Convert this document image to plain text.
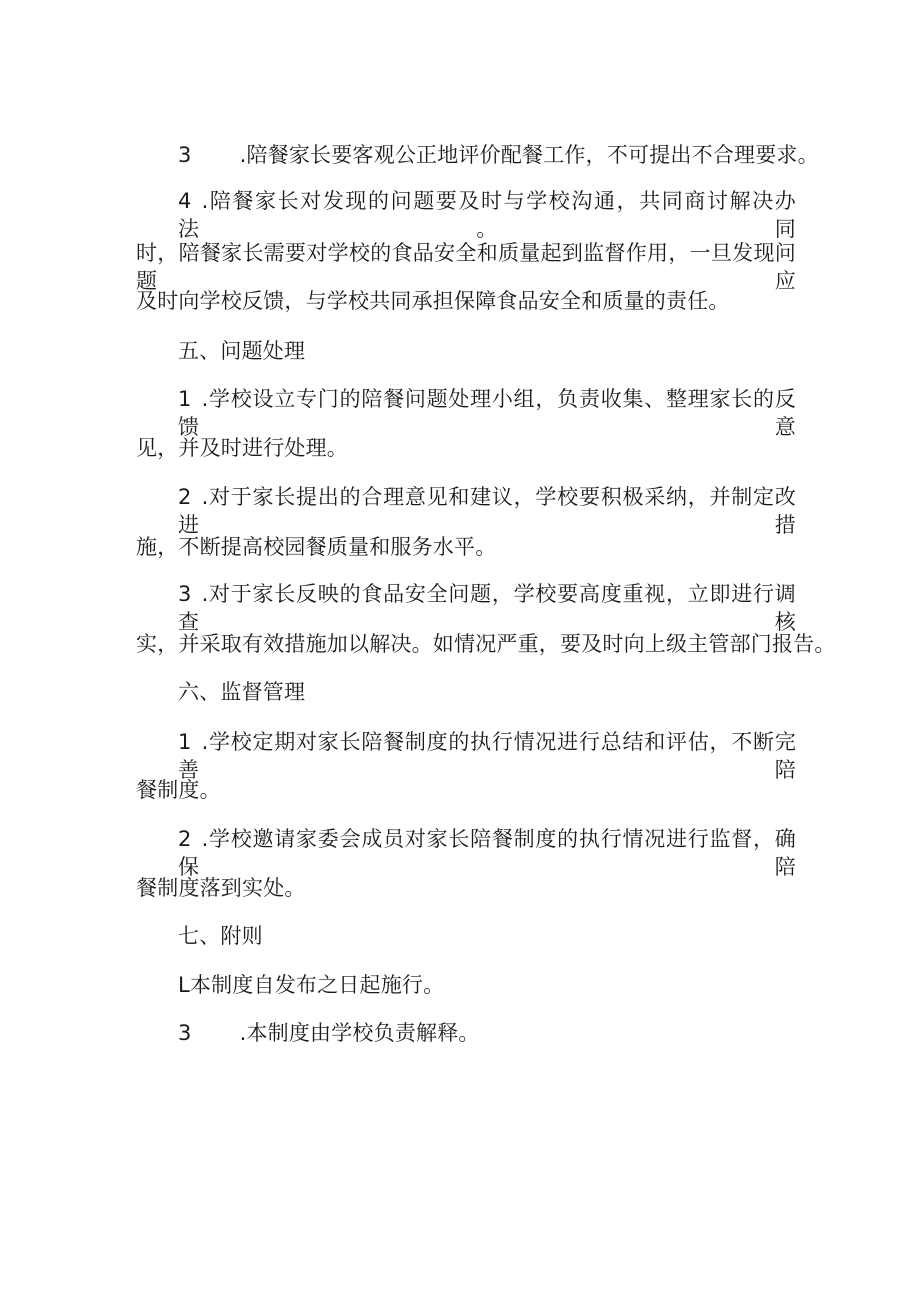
3 .陪餐家长要客观公正地评价配餐工作，不可提出不合理要求。
4 .陪餐家长对发现的问题要及时与学校沟通，共同商讨解决办法。同
时，陪餐家长需要对学校的食品安全和质量起到监督作用，一旦发现问题应
及时向学校反馈，与学校共同承担保障食品安全和质量的责任。
五、问题处理
1 .学校设立专门的陪餐问题处理小组，负责收集、整理家长的反馈意
见，并及时进行处理。
2 .对于家长提出的合理意见和建议，学校要积极采纳，并制定改进措
施，不断提高校园餐质量和服务水平。
3 .对于家长反映的食品安全问题，学校要高度重视，立即进行调查核
实，并采取有效措施加以解决。如情况严重，要及时向上级主管部门报告。
六、监督管理
1 .学校定期对家长陪餐制度的执行情况进行总结和评估，不断完善陪
餐制度。
2 .学校邀请家委会成员对家长陪餐制度的执行情况进行监督，确保陪
餐制度落到实处。
七、附则
L本制度自发布之日起施行。
3 .本制度由学校负责解释。
